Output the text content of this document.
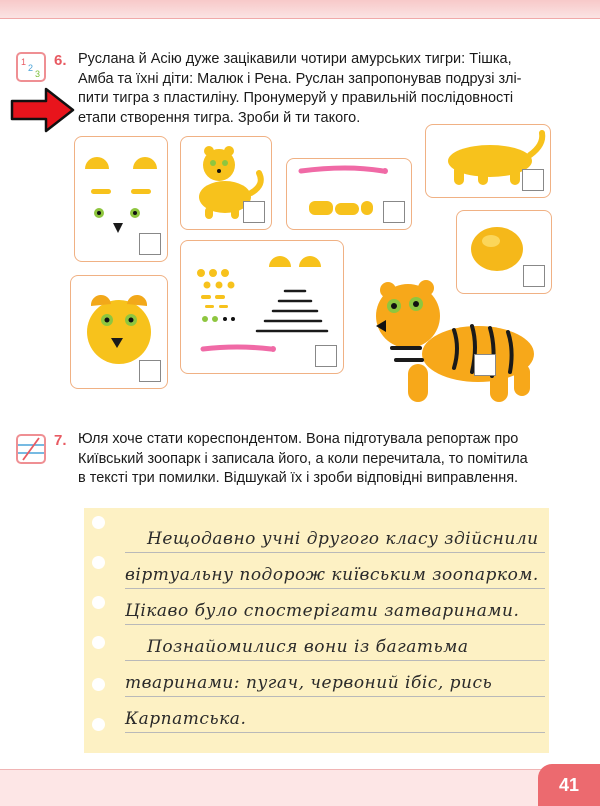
1
2
3
6. Руслана й Асію дуже зацікавили чотири амурських тигри: Тішка,
Амба та їхні діти: Малюк і Рена. Руслан запропонував подрузі злі-
пити тигра з пластиліну. Пронумеруй у правильній послідовності
етапи створення тигра. Зроби й ти такого.
7. Юля хоче стати кореспондентом. Вона підготувала репортаж про
Київський зоопарк і записала його, а коли перечитала, то помітила
в тексті три помилки. Відшукай їх і зроби відповідні виправлення.
Нещодавно учні другого класу здійснили
віртуальну подорож київським зоопарком.
Цікаво було спостерігати затваринами.
Познайомилися вони із багатьма
тваринами: пугач, червоний ібіс, рись
Карпатська.
41
